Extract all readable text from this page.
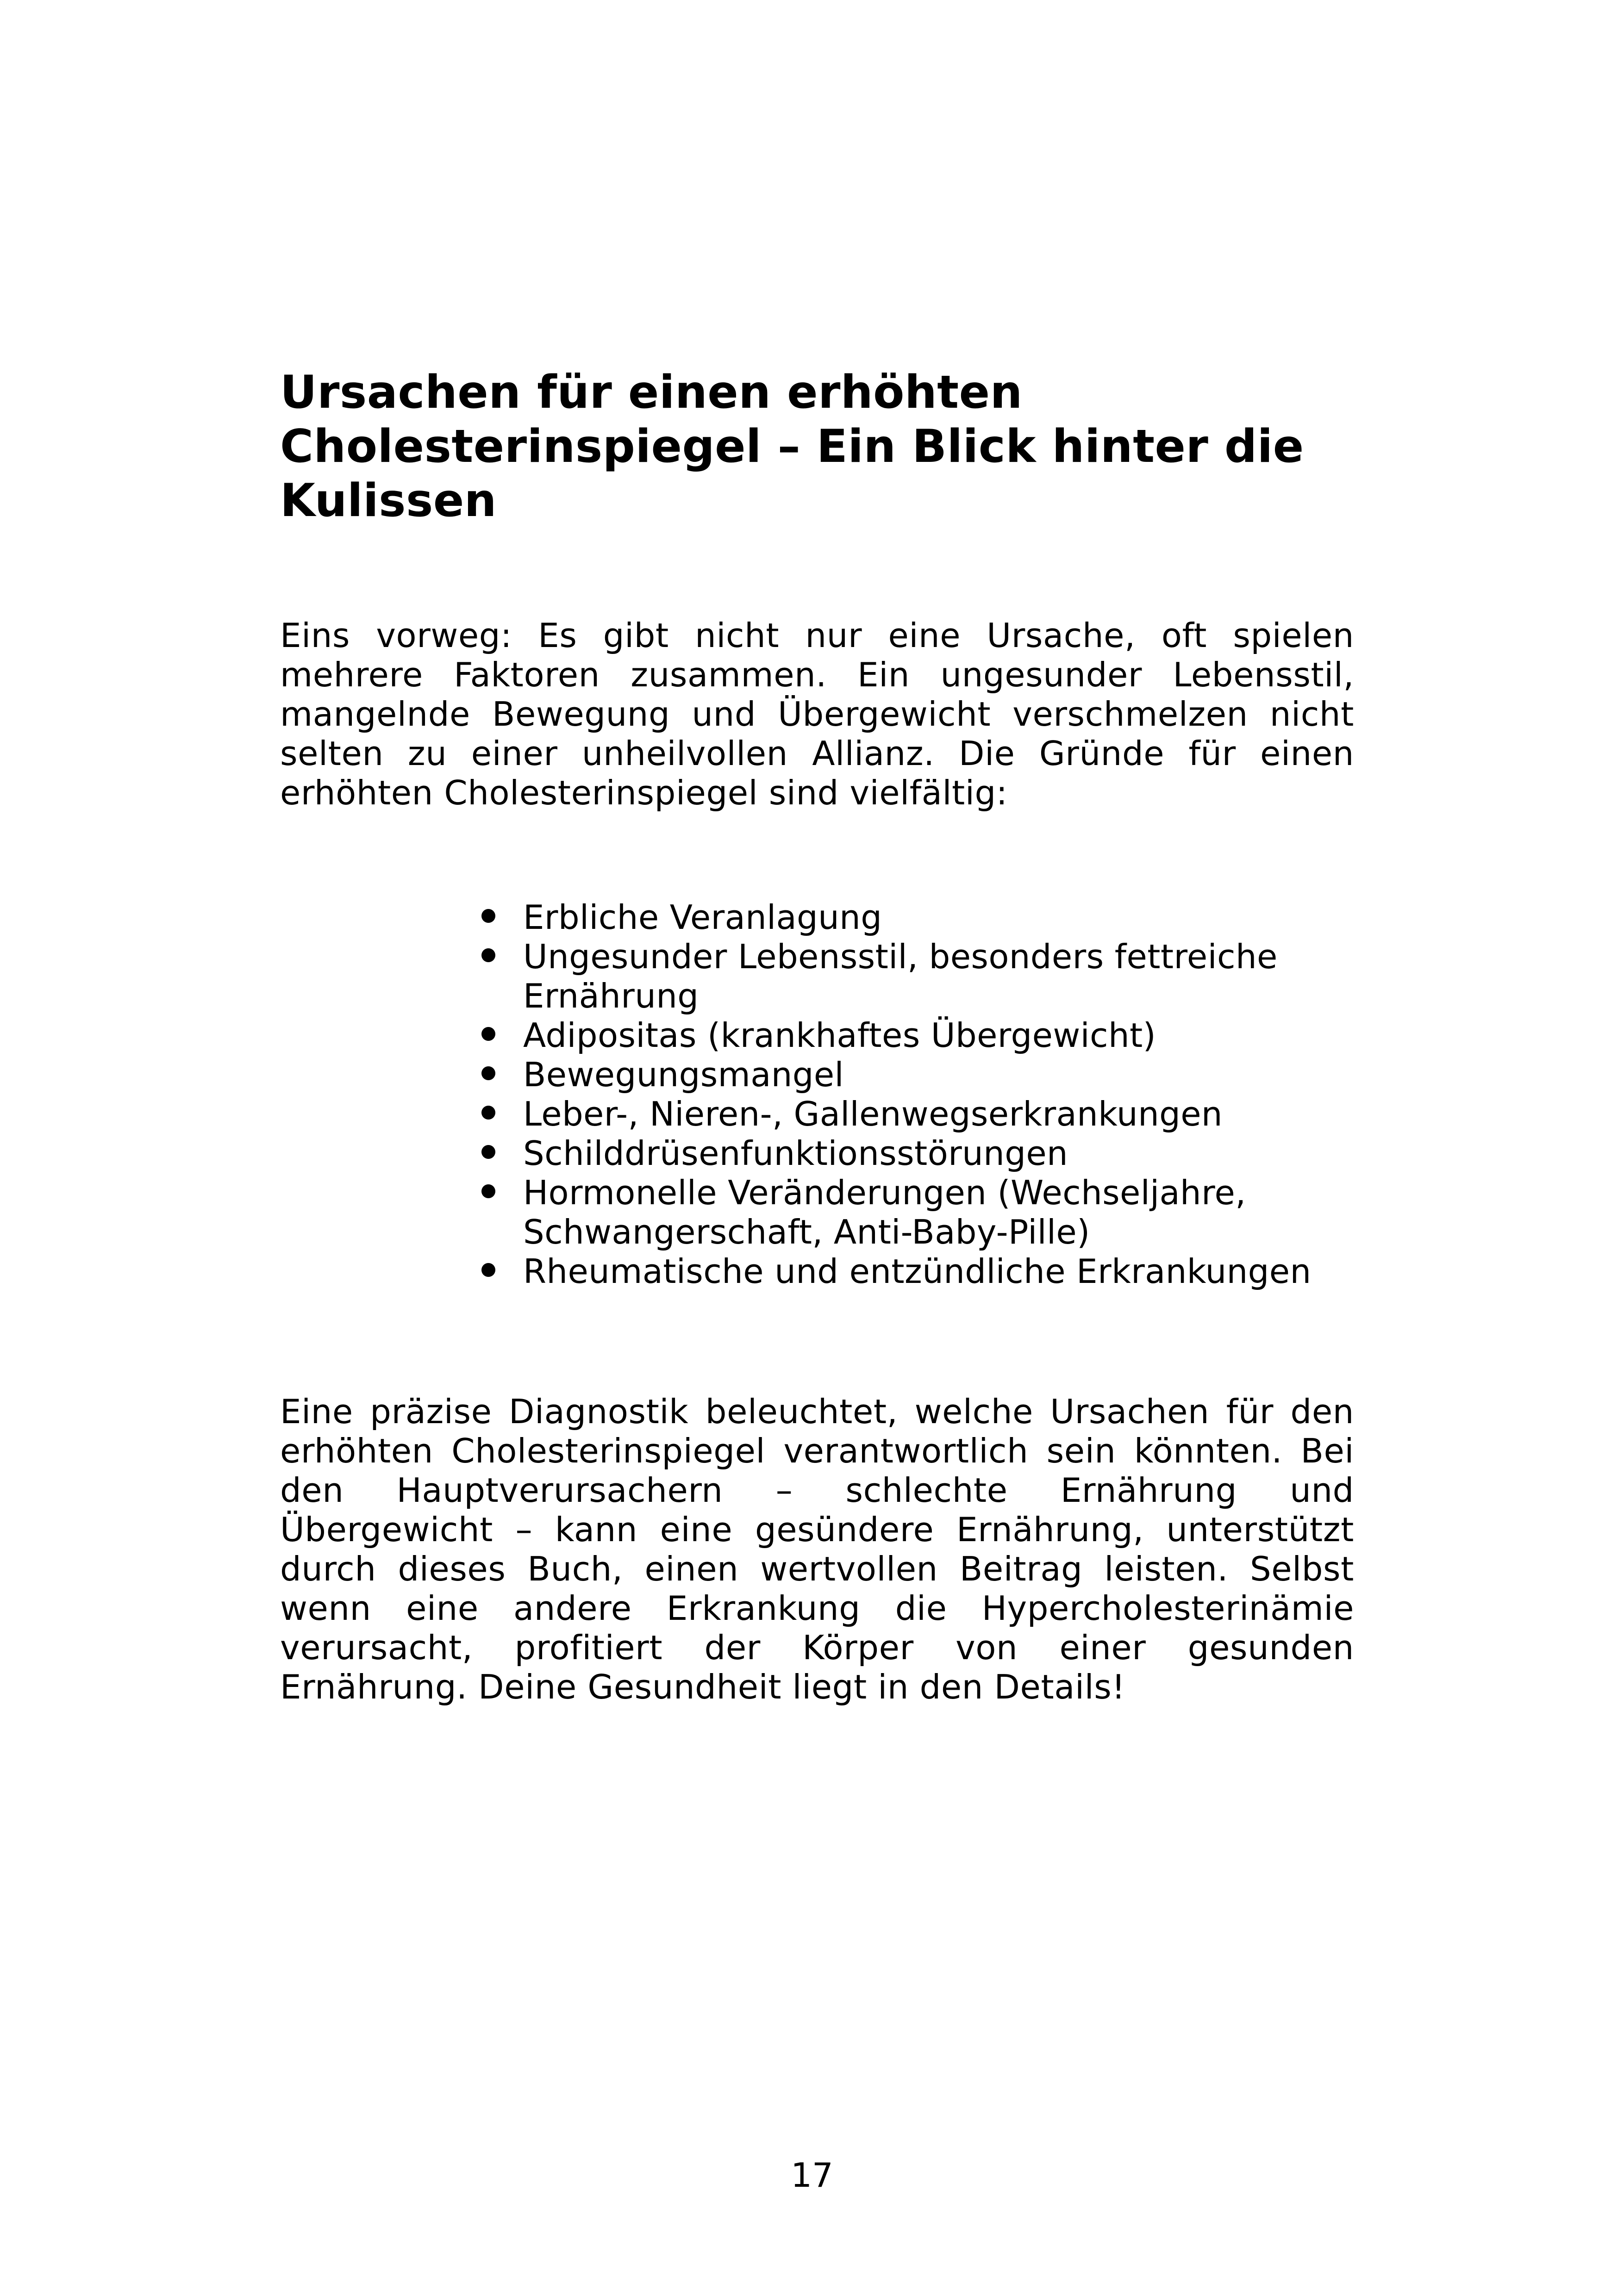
Ursachen für einen erhöhten
Cholesterinspiegel – Ein Blick hinter die
Kulissen

Eins vorweg: Es gibt nicht nur eine Ursache, oft spielen mehrere Faktoren zusammen. Ein ungesunder Lebensstil, mangelnde Bewegung und Übergewicht verschmelzen nicht selten zu einer unheilvollen Allianz. Die Gründe für einen erhöhten Cholesterinspiegel sind vielfältig:

Erbliche Veranlagung
Ungesunder Lebensstil, besonders fettreiche Ernährung
Adipositas (krankhaftes Übergewicht)
Bewegungsmangel
Leber-, Nieren-, Gallenwegserkrankungen
Schilddrüsenfunktionsstörungen
Hormonelle Veränderungen (Wechseljahre, Schwangerschaft, Anti-Baby-Pille)
Rheumatische und entzündliche Erkrankungen

Eine präzise Diagnostik beleuchtet, welche Ursachen für den erhöhten Cholesterinspiegel verantwortlich sein könnten. Bei den Hauptverursachern – schlechte Ernährung und Übergewicht – kann eine gesündere Ernährung, unterstützt durch dieses Buch, einen wertvollen Beitrag leisten. Selbst wenn eine andere Erkrankung die Hypercholesterinämie verursacht, profitiert der Körper von einer gesunden Ernährung. Deine Gesundheit liegt in den Details!

17
